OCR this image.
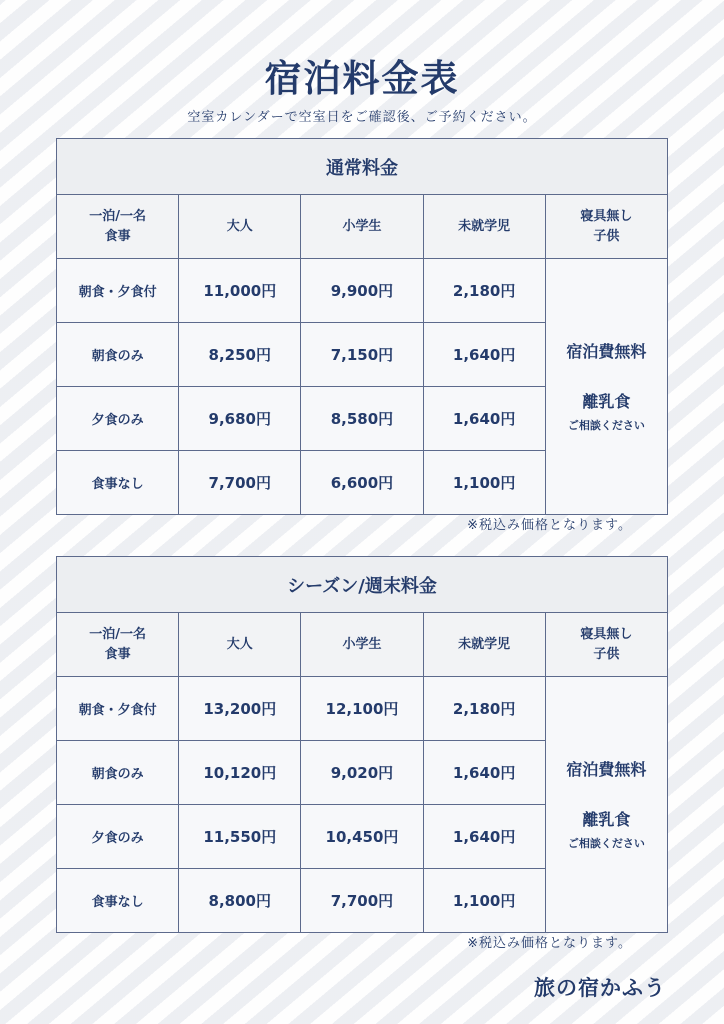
宿泊料金表
空室カレンダーで空室日をご確認後、ご予約ください。
通常料金				
一泊/一名
食事	大人	小学生	未就学児	寝具無し
子供
朝食・夕食付	11,000円	9,900円	2,180円	宿泊費無料
離乳食
ご相談ください

朝食のみ	8,250円	7,150円	1,640円	
夕食のみ	9,680円	8,580円	1,640円	
食事なし	7,700円	6,600円	1,100円	
※税込み価格となります。
シーズン/週末料金				
一泊/一名
食事	大人	小学生	未就学児	寝具無し
子供
朝食・夕食付	13,200円	12,100円	2,180円	宿泊費無料
離乳食
ご相談ください

朝食のみ	10,120円	9,020円	1,640円	
夕食のみ	11,550円	10,450円	1,640円	
食事なし	8,800円	7,700円	1,100円	
※税込み価格となります。
旅の宿かふう
